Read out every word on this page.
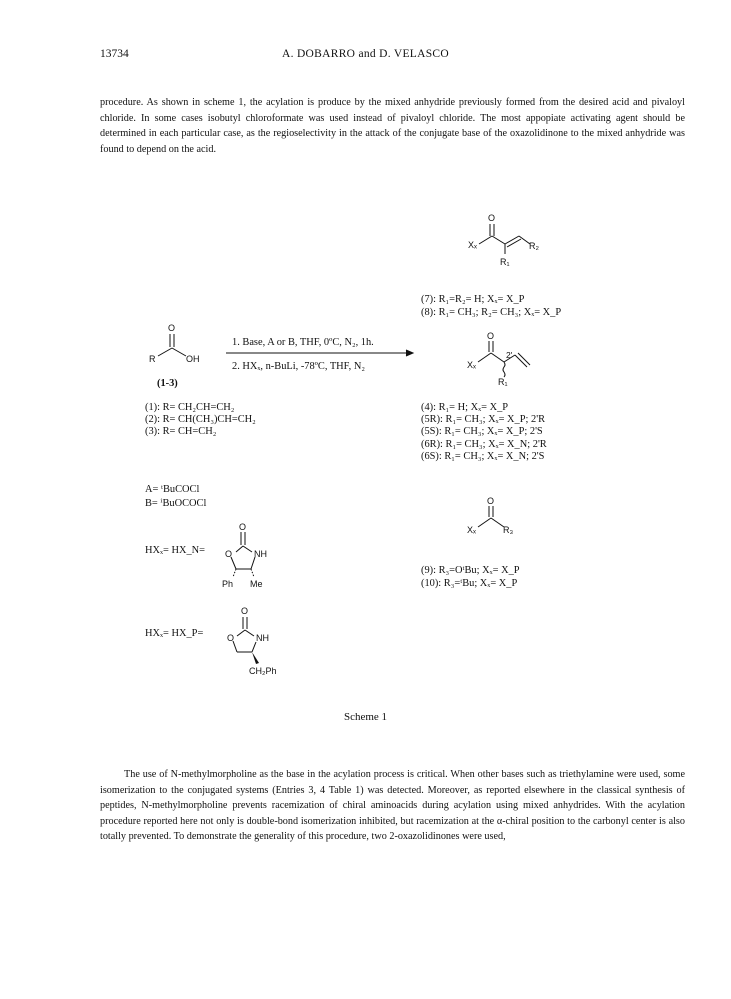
13734	A. DOBARRO and D. VELASCO
procedure. As shown in scheme 1, the acylation is produce by the mixed anhydride previously formed from the desired acid and pivaloyl chloride. In some cases isobutyl chloroformate was used instead of pivaloyl chloride. The most appopiate activating agent should be determined in each particular case, as the regioselectivity in the attack of the conjugate base of the oxazolidinone to the mixed anhydride was found to depend on the acid.
O
Xₓ	R₂
R₁
O
R	OH
O
Xₓ
2'
R₁
O
Xₓ	R₃
O
O NH
Ph Me
O
O NH
CH₂Ph
(7): R₁=R₂= H; Xₓ= X_P
(8): R₁= CH₃; R₂= CH₃; Xₓ= X_P
1. Base, A or B, THF, 0ºC, N₂, 1h.
2. HXₓ, n-BuLi, -78ºC, THF, N₂
(1-3)
(1): R= CH₂CH=CH₂
(2): R= CH(CH₃)CH=CH₂
(3): R= CH=CH₂
(4): R₁= H; Xₓ= X_P
(5R): R₁= CH₃; Xₓ= X_P; 2'R
(5S): R₁= CH₃; Xₓ= X_P; 2'S
(6R): R₁= CH₃; Xₓ= X_N; 2'R
(6S): R₁= CH₃; Xₓ= X_N; 2'S
A= ᵗBuCOCl
B= ⁱBuOCOCl
HXₓ= HX_N=
HXₓ= HX_P=
(9): R₃=OᵗBu; Xₓ= X_P
(10): R₃=ᵗBu; Xₓ= X_P
Scheme 1
The use of N-methylmorpholine as the base in the acylation process is critical. When other bases such as triethylamine were used, some isomerization to the conjugated systems (Entries 3, 4 Table 1) was detected. Moreover, as reported elsewhere in the classical synthesis of peptides, N-methylmorpholine prevents racemization of chiral aminoacids during acylation using mixed anhydrides. With the acylation procedure reported here not only is double-bond isomerization inhibited, but racemization at the α-chiral position to the carbonyl center is also totally prevented. To demonstrate the generality of this procedure, two 2-oxazolidinones were used,
